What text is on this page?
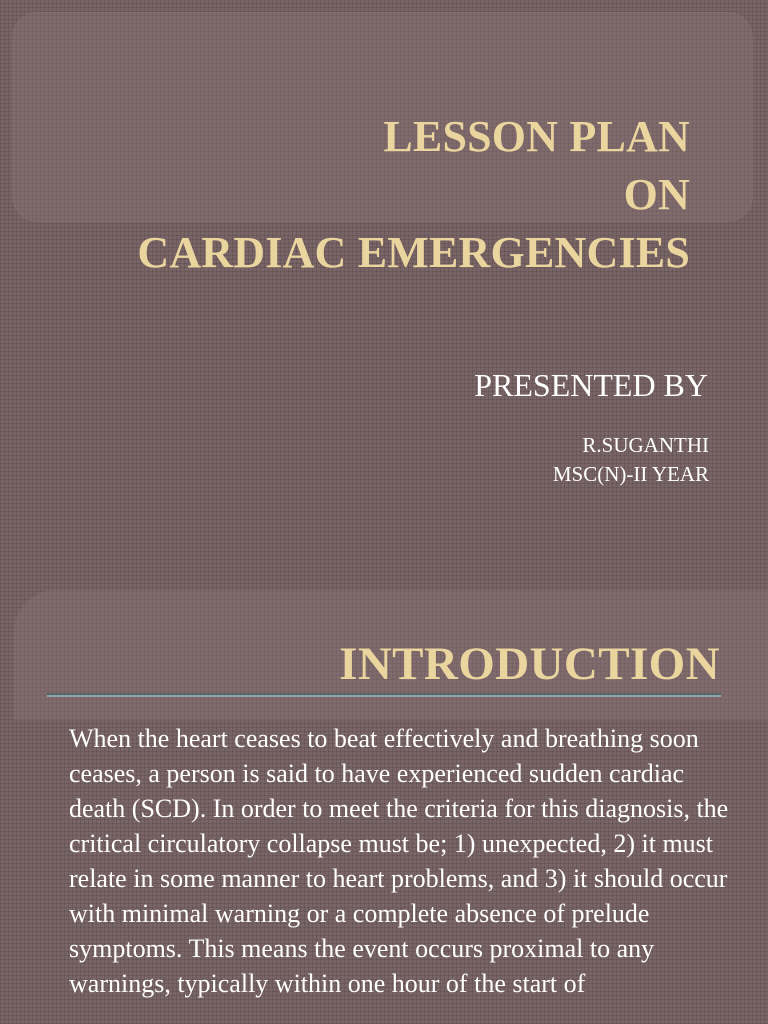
LESSON PLAN
ON
CARDIAC EMERGENCIES

PRESENTED BY

R.SUGANTHI
MSC(N)-II YEAR

INTRODUCTION

When the heart ceases to beat effectively and breathing soon ceases, a person is said to have experienced sudden cardiac death (SCD). In order to meet the criteria for this diagnosis, the critical circulatory collapse must be; 1) unexpected, 2) it must relate in some manner to heart problems, and 3) it should occur with minimal warning or a complete absence of prelude symptoms. This means the event occurs proximal to any warnings, typically within one hour of the start of
